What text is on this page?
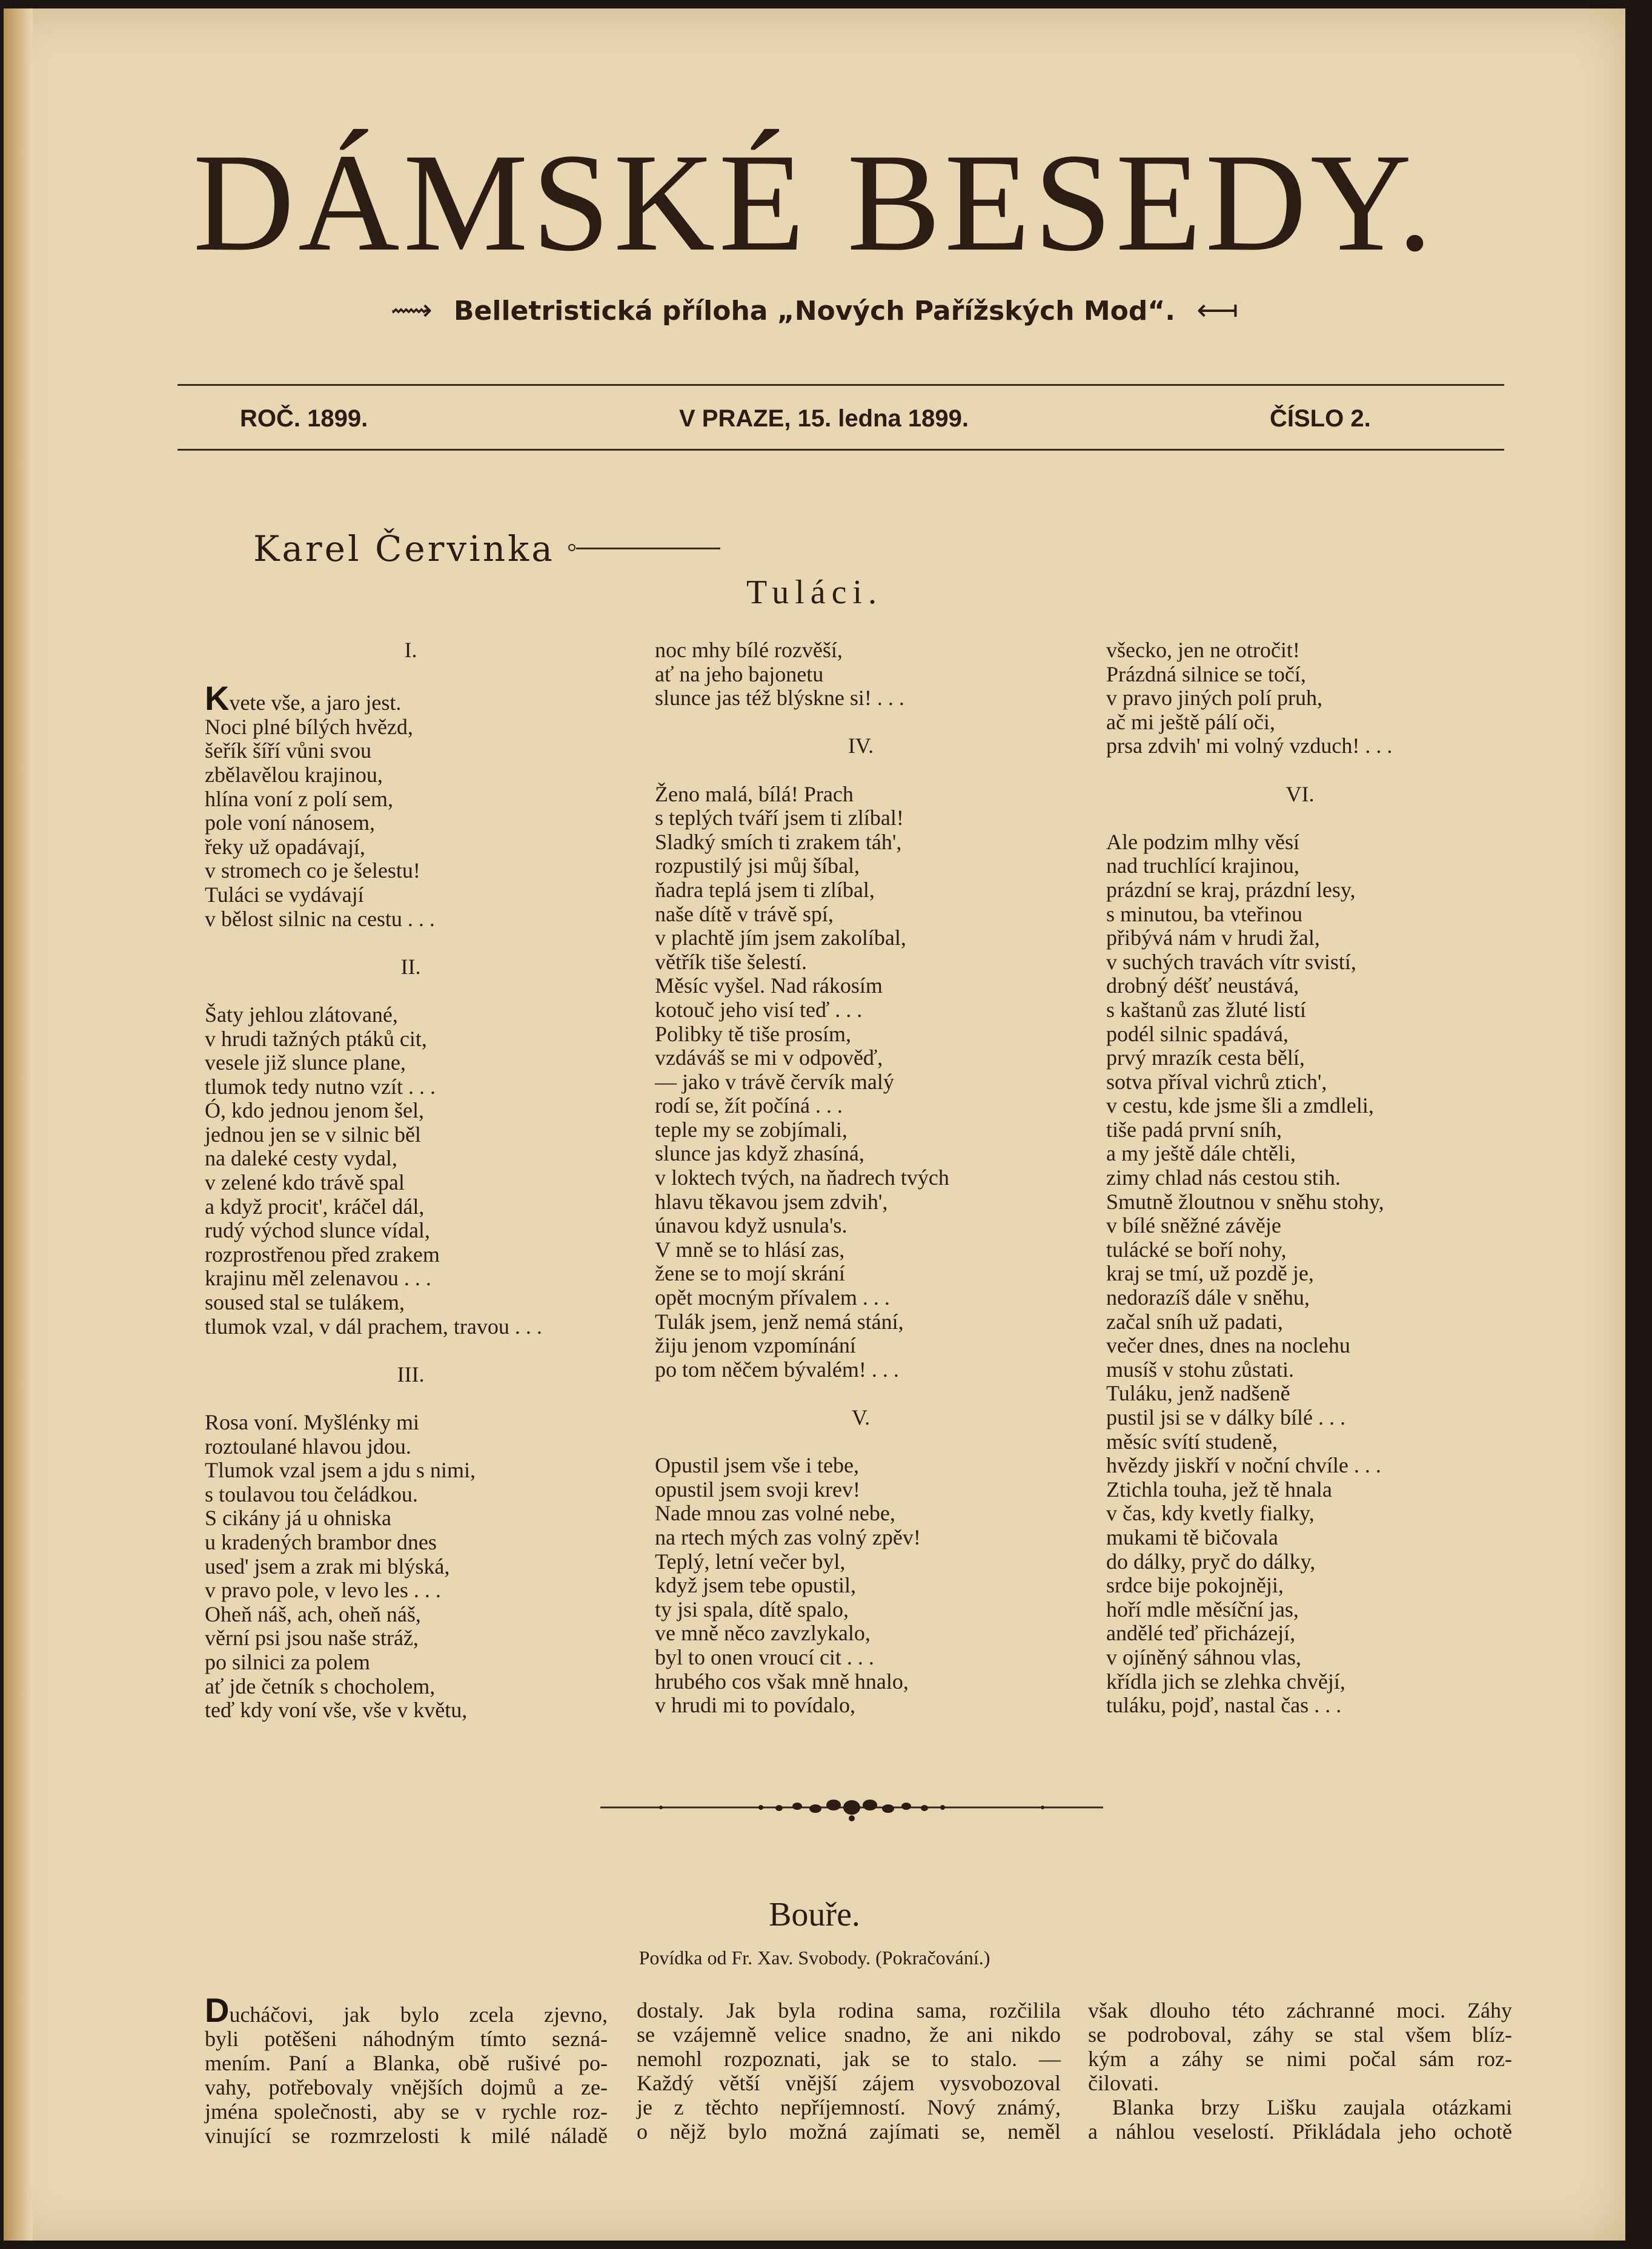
DÁMSKÉ BESEDY.
⟿ Belletristická příloha „Nových Pařížských Mod“. ⟻
ROČ. 1899.	V PRAZE, 15. ledna 1899.	ČÍSLO 2.
Karel Červinka
Tuláci.
I.
Kvete vše, a jaro jest.
Noci plné bílých hvězd,
šeřík šíří vůni svou
zbělavělou krajinou,
hlína voní z polí sem,
pole voní nánosem,
řeky už opadávají,
v stromech co je šelestu!
Tuláci se vydávají
v bělost silnic na cestu . . .
II.
Šaty jehlou zlátované,
v hrudi tažných ptáků cit,
vesele již slunce plane,
tlumok tedy nutno vzít . . .
Ó, kdo jednou jenom šel,
jednou jen se v silnic běl
na daleké cesty vydal,
v zelené kdo trávě spal
a když procit', kráčel dál,
rudý východ slunce vídal,
rozprostřenou před zrakem
krajinu měl zelenavou . . .
soused stal se tulákem,
tlumok vzal, v dál prachem, travou . . .
III.
Rosa voní. Myšlénky mi
roztoulané hlavou jdou.
Tlumok vzal jsem a jdu s nimi,
s toulavou tou čeládkou.
S cikány já u ohniska
u kradených brambor dnes
used' jsem a zrak mi blýská,
v pravo pole, v levo les . . .
Oheň náš, ach, oheň náš,
věrní psi jsou naše stráž,
po silnici za polem
ať jde četník s chocholem,
teď kdy voní vše, vše v květu,
noc mhy bílé rozvěší,
ať na jeho bajonetu
slunce jas též blýskne si! . . .
IV.
Ženo malá, bílá! Prach
s teplých tváří jsem ti zlíbal!
Sladký smích ti zrakem táh',
rozpustilý jsi můj šíbal,
ňadra teplá jsem ti zlíbal,
naše dítě v trávě spí,
v plachtě jím jsem zakolíbal,
větřík tiše šelestí.
Měsíc vyšel. Nad rákosím
kotouč jeho visí teď . . .
Polibky tě tiše prosím,
vzdáváš se mi v odpověď,
— jako v trávě červík malý
rodí se, žít počíná . . .
teple my se zobjímali,
slunce jas když zhasíná,
v loktech tvých, na ňadrech tvých
hlavu těkavou jsem zdvih',
únavou když usnula's.
V mně se to hlásí zas,
žene se to mojí skrání
opět mocným přívalem . . .
Tulák jsem, jenž nemá stání,
žiju jenom vzpomínání
po tom něčem bývalém! . . .
V.
Opustil jsem vše i tebe,
opustil jsem svoji krev!
Nade mnou zas volné nebe,
na rtech mých zas volný zpěv!
Teplý, letní večer byl,
když jsem tebe opustil,
ty jsi spala, dítě spalo,
ve mně něco zavzlykalo,
byl to onen vroucí cit . . .
hrubého cos však mně hnalo,
v hrudi mi to povídalo,
všecko, jen ne otročit!
Prázdná silnice se točí,
v pravo jiných polí pruh,
ač mi ještě pálí oči,
prsa zdvih' mi volný vzduch! . . .
VI.
Ale podzim mlhy věsí
nad truchlící krajinou,
prázdní se kraj, prázdní lesy,
s minutou, ba vteřinou
přibývá nám v hrudi žal,
v suchých travách vítr svistí,
drobný déšť neustává,
s kaštanů zas žluté listí
podél silnic spadává,
prvý mrazík cesta bělí,
sotva příval vichrů ztich',
v cestu, kde jsme šli a zmdleli,
tiše padá první sníh,
a my ještě dále chtěli,
zimy chlad nás cestou stih.
Smutně žloutnou v sněhu stohy,
v bílé sněžné závěje
tulácké se boří nohy,
kraj se tmí, už pozdě je,
nedorazíš dále v sněhu,
začal sníh už padati,
večer dnes, dnes na noclehu
musíš v stohu zůstati.
Tuláku, jenž nadšeně
pustil jsi se v dálky bílé . . .
měsíc svítí studeně,
hvězdy jiskří v noční chvíle . . .
Ztichla touha, jež tě hnala
v čas, kdy kvetly fialky,
mukami tě bičovala
do dálky, pryč do dálky,
srdce bije pokojněji,
hoří mdle měsíční jas,
andělé teď přicházejí,
v ojíněný sáhnou vlas,
křídla jich se zlehka chvějí,
tuláku, pojď, nastal čas . . .
Bouře.
Povídka od Fr. Xav. Svobody. (Pokračování.)
Ducháčovi, jak bylo zcela zjevno,
byli potěšeni náhodným tímto sezná-
mením. Paní a Blanka, obě rušivé po-
vahy, potřebovaly vnějších dojmů a ze-
jména společnosti, aby se v rychle roz-
vinující se rozmrzelosti k milé náladě
dostaly. Jak byla rodina sama, rozčilila
se vzájemně velice snadno, že ani nikdo
nemohl rozpoznati, jak se to stalo. —
Každý větší vnější zájem vysvobozoval
je z těchto nepříjemností. Nový známý,
o nějž bylo možná zajímati se, neměl
však dlouho této záchranné moci. Záhy
se podroboval, záhy se stal všem blíz-
kým a záhy se nimi počal sám roz-
čilovati.
Blanka brzy Lišku zaujala otázkami
a náhlou veselostí. Přikládala jeho ochotě
